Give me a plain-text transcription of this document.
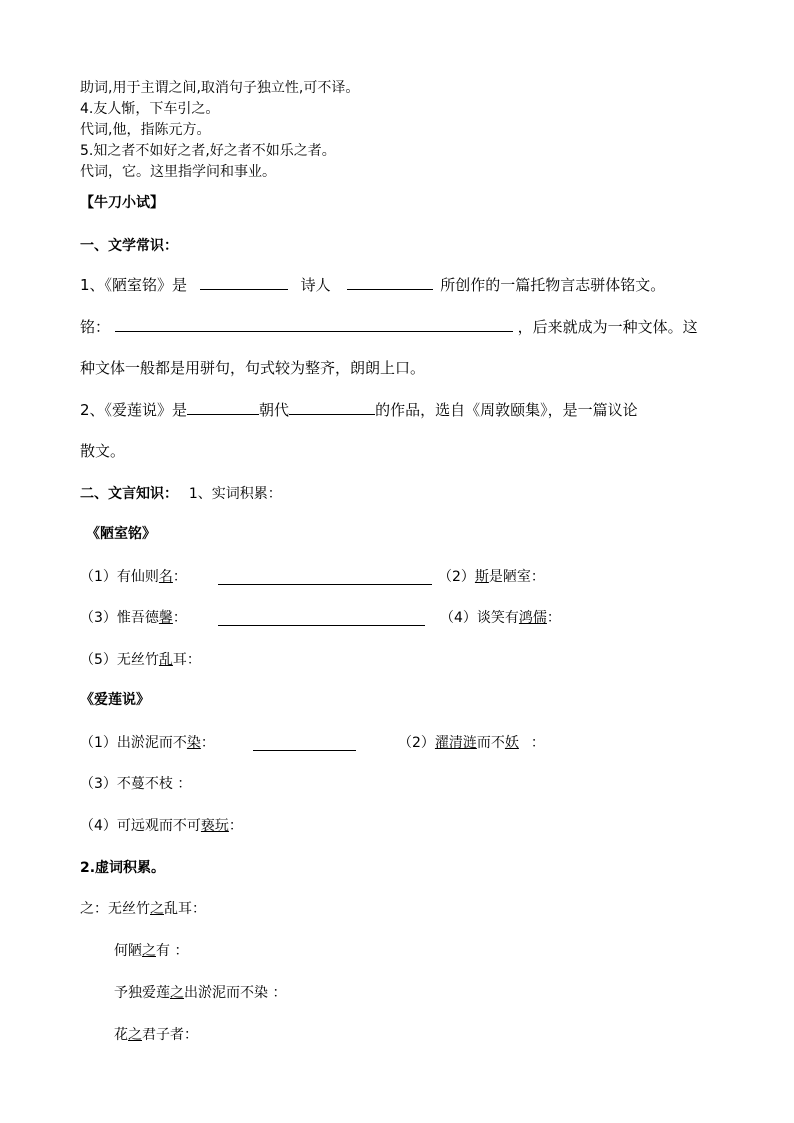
助词,用于主谓之间,取消句子独立性,可不译。
4.友人惭，下车引之。
代词,他，指陈元方。
5.知之者不如好之者,好之者不如乐之者。
代词，它。这里指学问和事业。
【牛刀小试】
一、文学常识：
1、《陋室铭》是	诗人	所创作的一篇托物言志骈体铭文。
铭：	，后来就成为一种文体。这
种文体一般都是用骈句，句式较为整齐，朗朗上口。
2、《爱莲说》是	朝代	的作品，选自《周敦颐集》，是一篇议论
散文。
二、文言知识： 1、实词积累：
《陋室铭》
（1）有仙则名：	（2）斯是陋室：
（3）惟吾德馨：	（4）谈笑有鸿儒：
（5）无丝竹乱耳：
《爱莲说》
（1）出淤泥而不染：	（2）濯清涟而不妖 ：
（3）不蔓不枝 ：
（4）可远观而不可亵玩：
2.虚词积累。
之：无丝竹之乱耳：
何陋之有 ：
予独爱莲之出淤泥而不染 ：
花之君子者：
